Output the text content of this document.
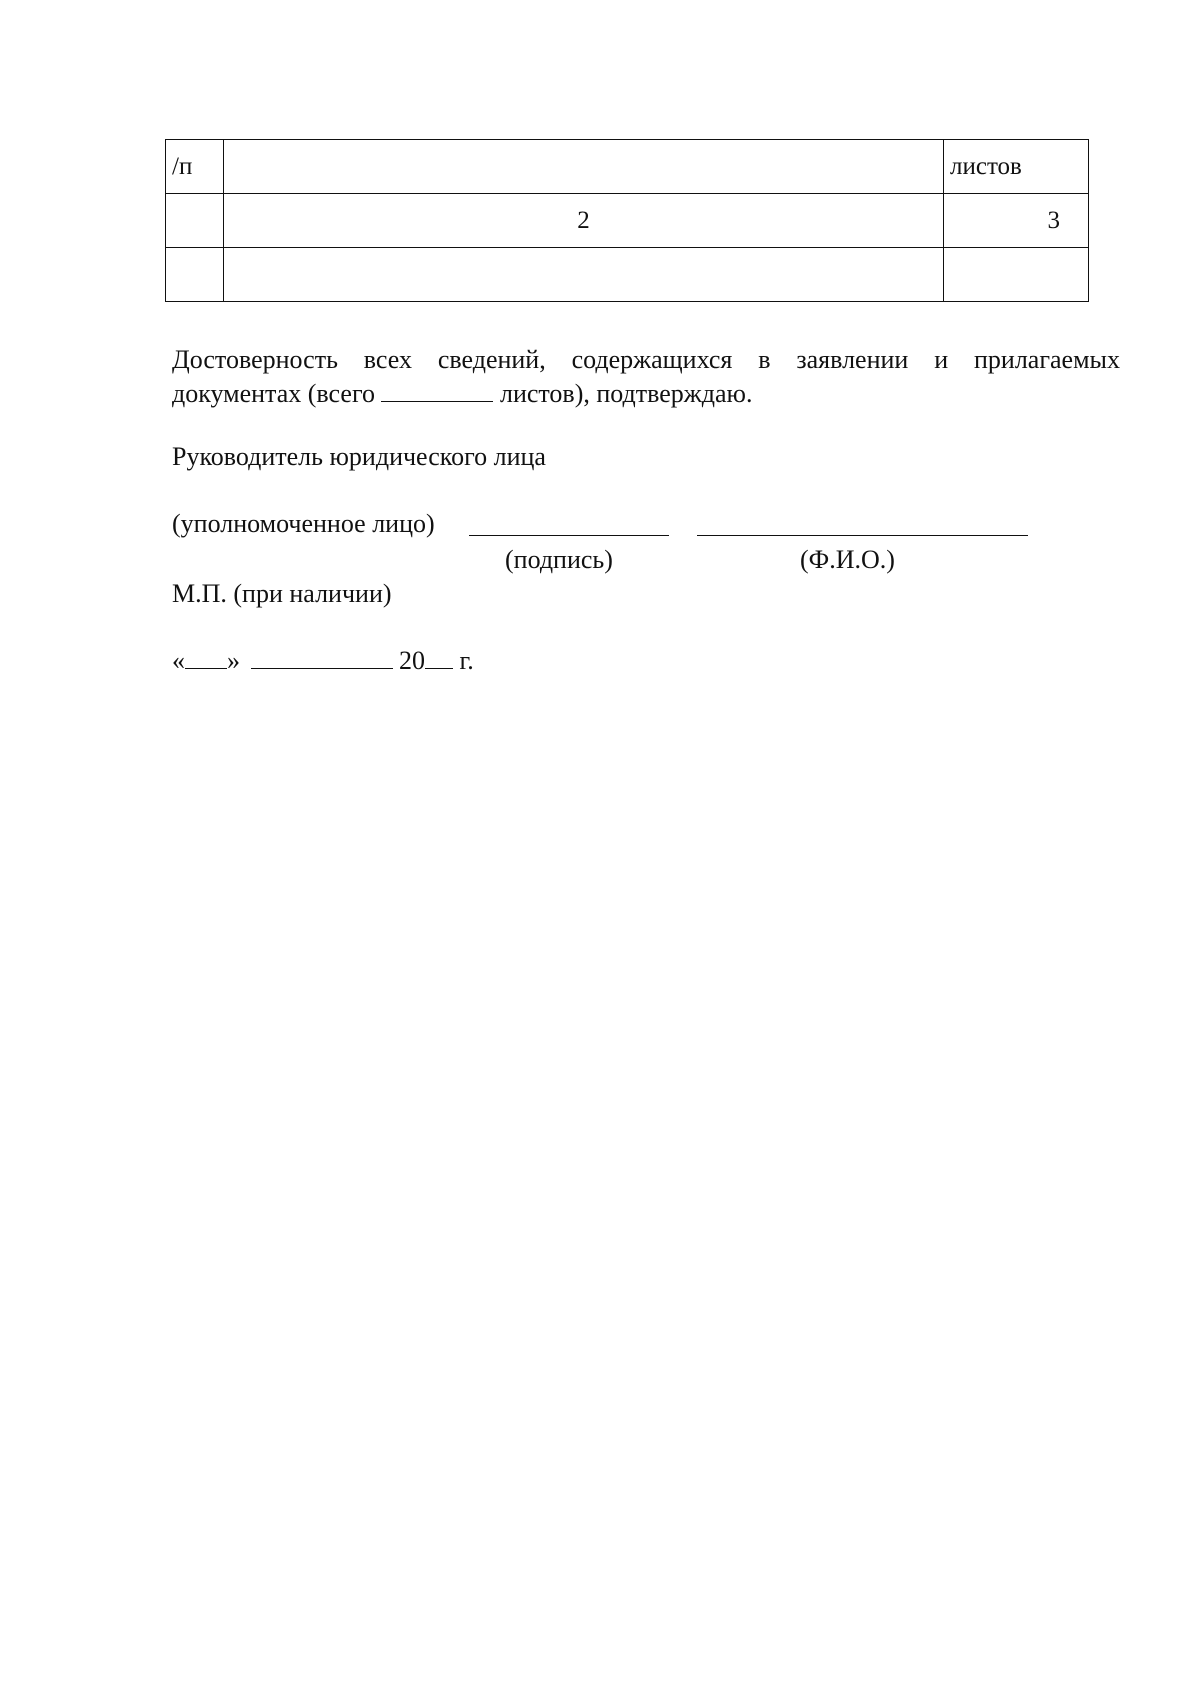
/п		листов
	2	3

Достоверность всех сведений, содержащихся в заявлении и прилагаемых
документах (всего	листов), подтверждаю.
Руководитель юридического лица
(уполномоченное лицо)
(подпись)	(Ф.И.О.)
М.П. (при наличии)
« »	20 г.
